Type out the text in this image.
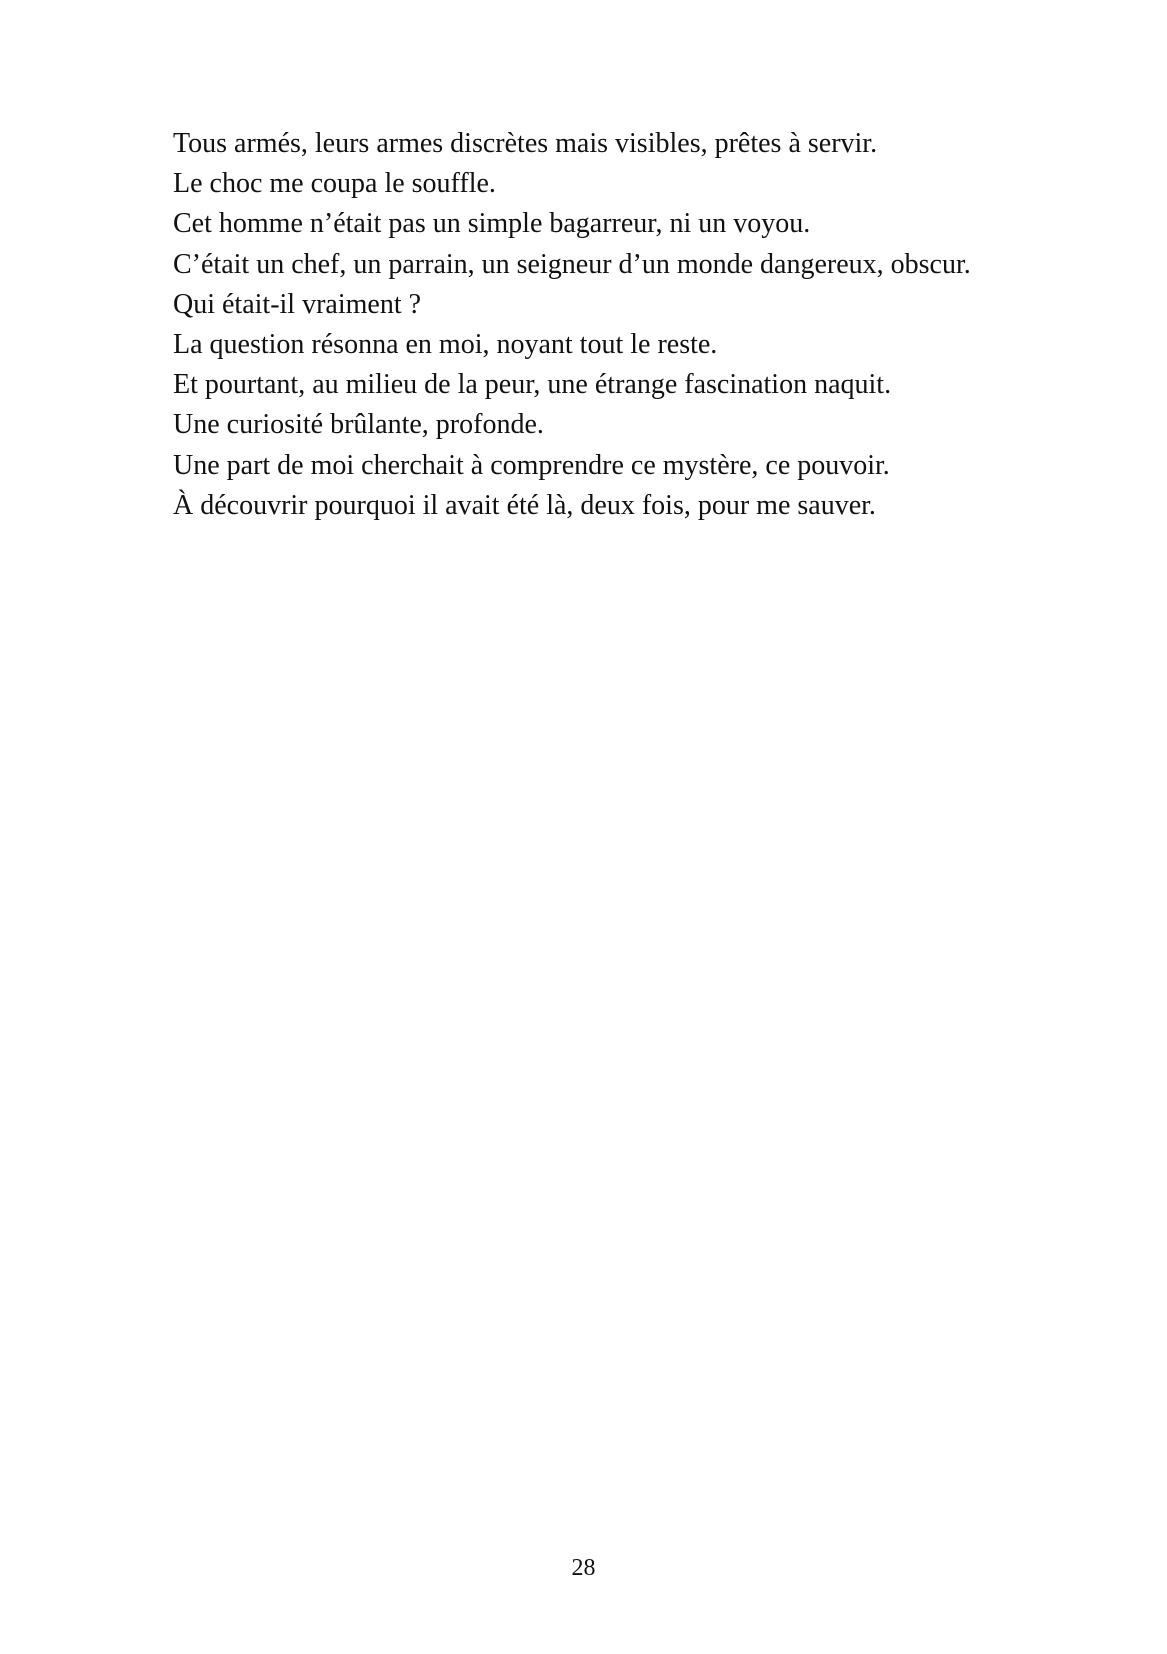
Tous armés, leurs armes discrètes mais visibles, prêtes à servir.
Le choc me coupa le souffle.
Cet homme n’était pas un simple bagarreur, ni un voyou.
C’était un chef, un parrain, un seigneur d’un monde dangereux, obscur.
Qui était-il vraiment ?
La question résonna en moi, noyant tout le reste.
Et pourtant, au milieu de la peur, une étrange fascination naquit.
Une curiosité brûlante, profonde.
Une part de moi cherchait à comprendre ce mystère, ce pouvoir.
À découvrir pourquoi il avait été là, deux fois, pour me sauver.
28
